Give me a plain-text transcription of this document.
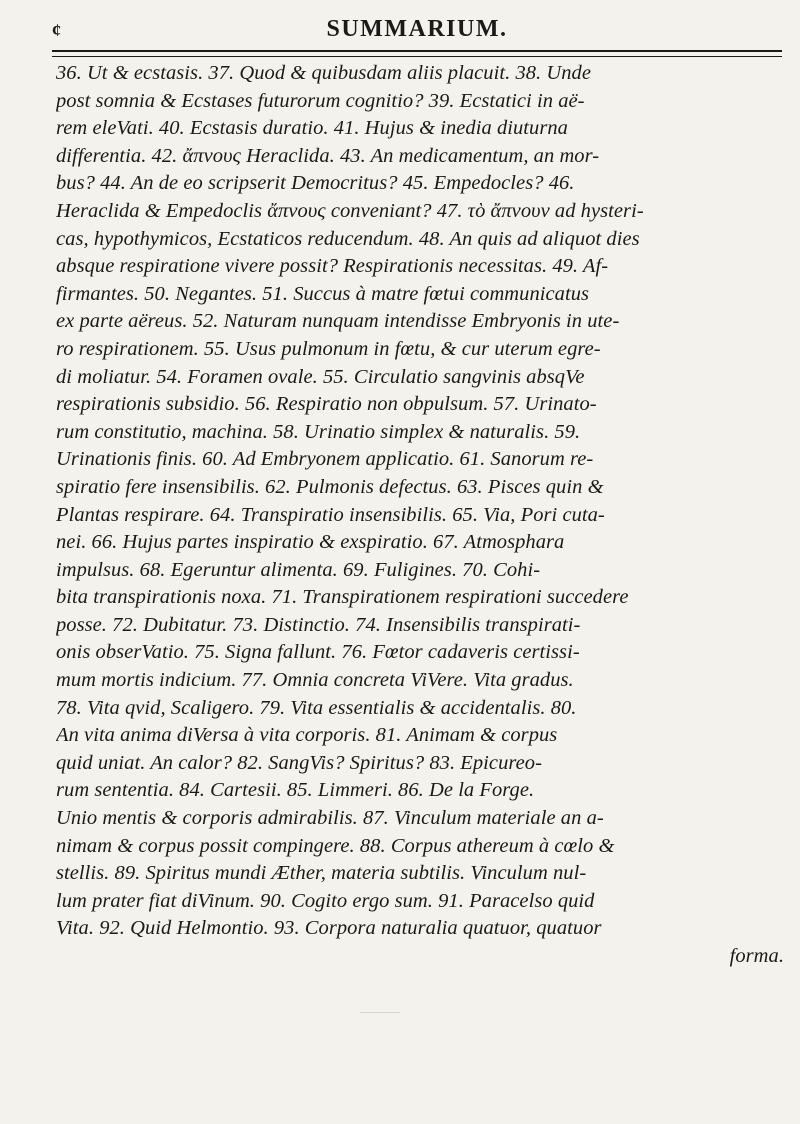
¢	SUMMARIUM.
36. Ut & ecstasis. 37. Quod & quibusdam aliis placuit. 38. Unde
post somnia & Ecstases futurorum cognitio? 39. Ecstatici in aë-
rem eleVati. 40. Ecstasis duratio. 41. Hujus & inedia diuturna
differentia. 42. ἄπνους Heraclida. 43. An medicamentum, an mor-
bus? 44. An de eo scripserit Democritus? 45. Empedocles? 46.
Heraclida & Empedoclis ἄπνους conveniant? 47. τὸ ἄπνουν ad hysteri-
cas, hypothymicos, Ecstaticos reducendum. 48. An quis ad aliquot dies
absque respiratione vivere possit? Respirationis necessitas. 49. Af-
firmantes. 50. Negantes. 51. Succus à matre fœtui communicatus
ex parte aëreus. 52. Naturam nunquam intendisse Embryonis in ute-
ro respirationem. 55. Usus pulmonum in fœtu, & cur uterum egre-
di moliatur. 54. Foramen ovale. 55. Circulatio sangvinis absqVe
respirationis subsidio. 56. Respiratio non obpulsum. 57. Urinato-
rum constitutio, machina. 58. Urinatio simplex & naturalis. 59.
Urinationis finis. 60. Ad Embryonem applicatio. 61. Sanorum re-
spiratio fere insensibilis. 62. Pulmonis defectus. 63. Pisces quin &
Plantas respirare. 64. Transpiratio insensibilis. 65. Via, Pori cuta-
nei. 66. Hujus partes inspiratio & exspiratio. 67. Atmosphara
impulsus. 68. Egeruntur alimenta. 69. Fuligines. 70. Cohi-
bita transpirationis noxa. 71. Transpirationem respirationi succedere
posse. 72. Dubitatur. 73. Distinctio. 74. Insensibilis transpirati-
onis obserVatio. 75. Signa fallunt. 76. Fœtor cadaveris certissi-
mum mortis indicium. 77. Omnia concreta ViVere. Vita gradus.
78. Vita qvid, Scaligero. 79. Vita essentialis & accidentalis. 80.
An vita anima diVersa à vita corporis. 81. Animam & corpus
quid uniat. An calor? 82. SangVis? Spiritus? 83. Epicureo-
rum sententia. 84. Cartesii. 85. Limmeri. 86. De la Forge.
Unio mentis & corporis admirabilis. 87. Vinculum materiale an a-
nimam & corpus possit compingere. 88. Corpus athereum à cœlo &
stellis. 89. Spiritus mundi Æther, materia subtilis. Vinculum nul-
lum prater fiat diVinum. 90. Cogito ergo sum. 91. Paracelso quid
Vita. 92. Quid Helmontio. 93. Corpora naturalia quatuor, quatuor
forma.
